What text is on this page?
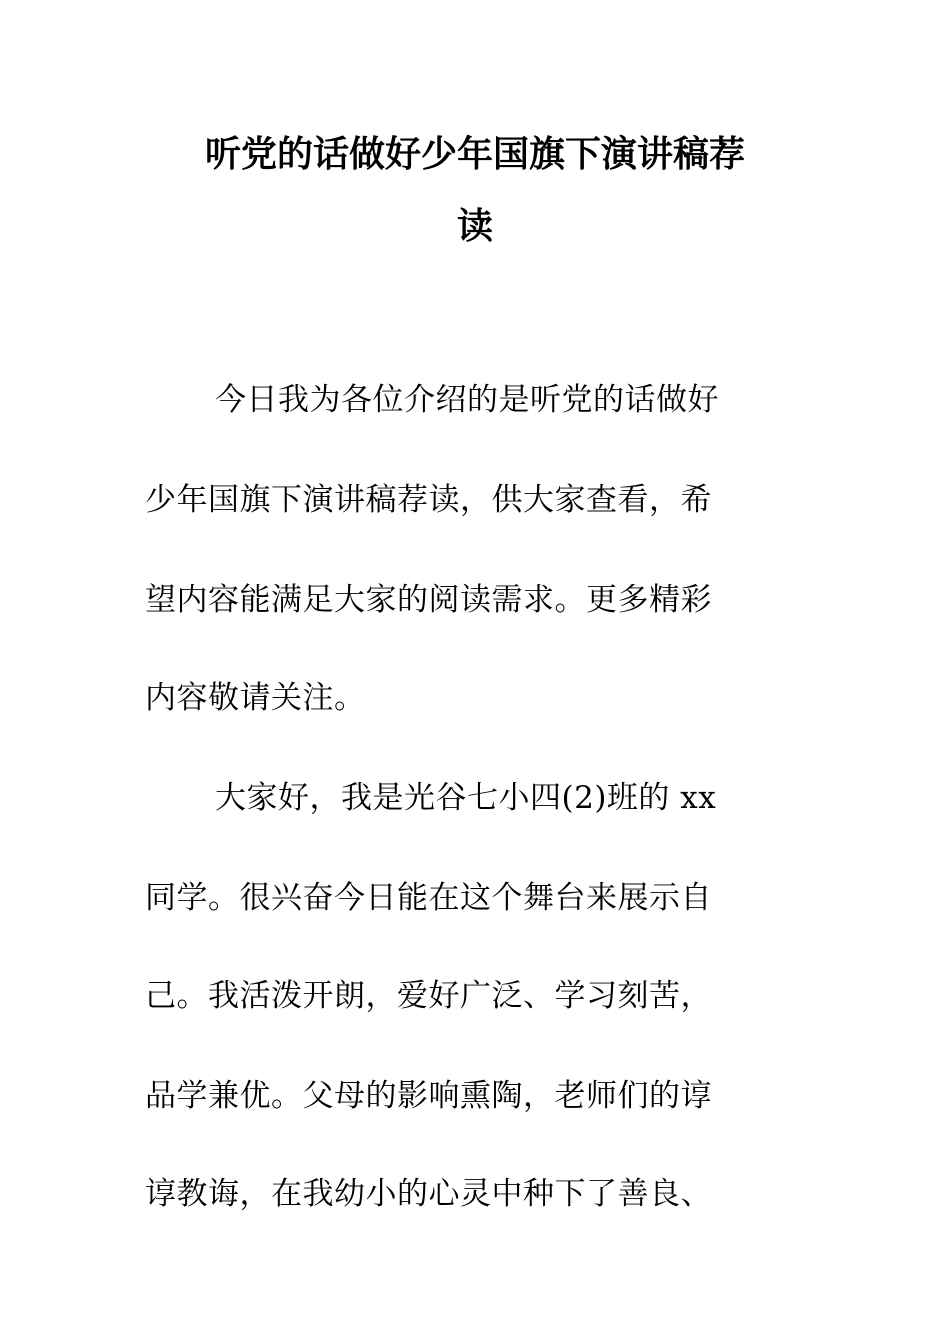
听党的话做好少年国旗下演讲稿荐
读
今日我为各位介绍的是听党的话做好
少年国旗下演讲稿荐读，供大家查看，希
望内容能满足大家的阅读需求。更多精彩
内容敬请关注。
大家好，我是光谷七小四(2)班的 xx
同学。很兴奋今日能在这个舞台来展示自
己。我活泼开朗，爱好广泛、学习刻苦，
品学兼优。父母的影响熏陶，老师们的谆
谆教诲，在我幼小的心灵中种下了善良、
